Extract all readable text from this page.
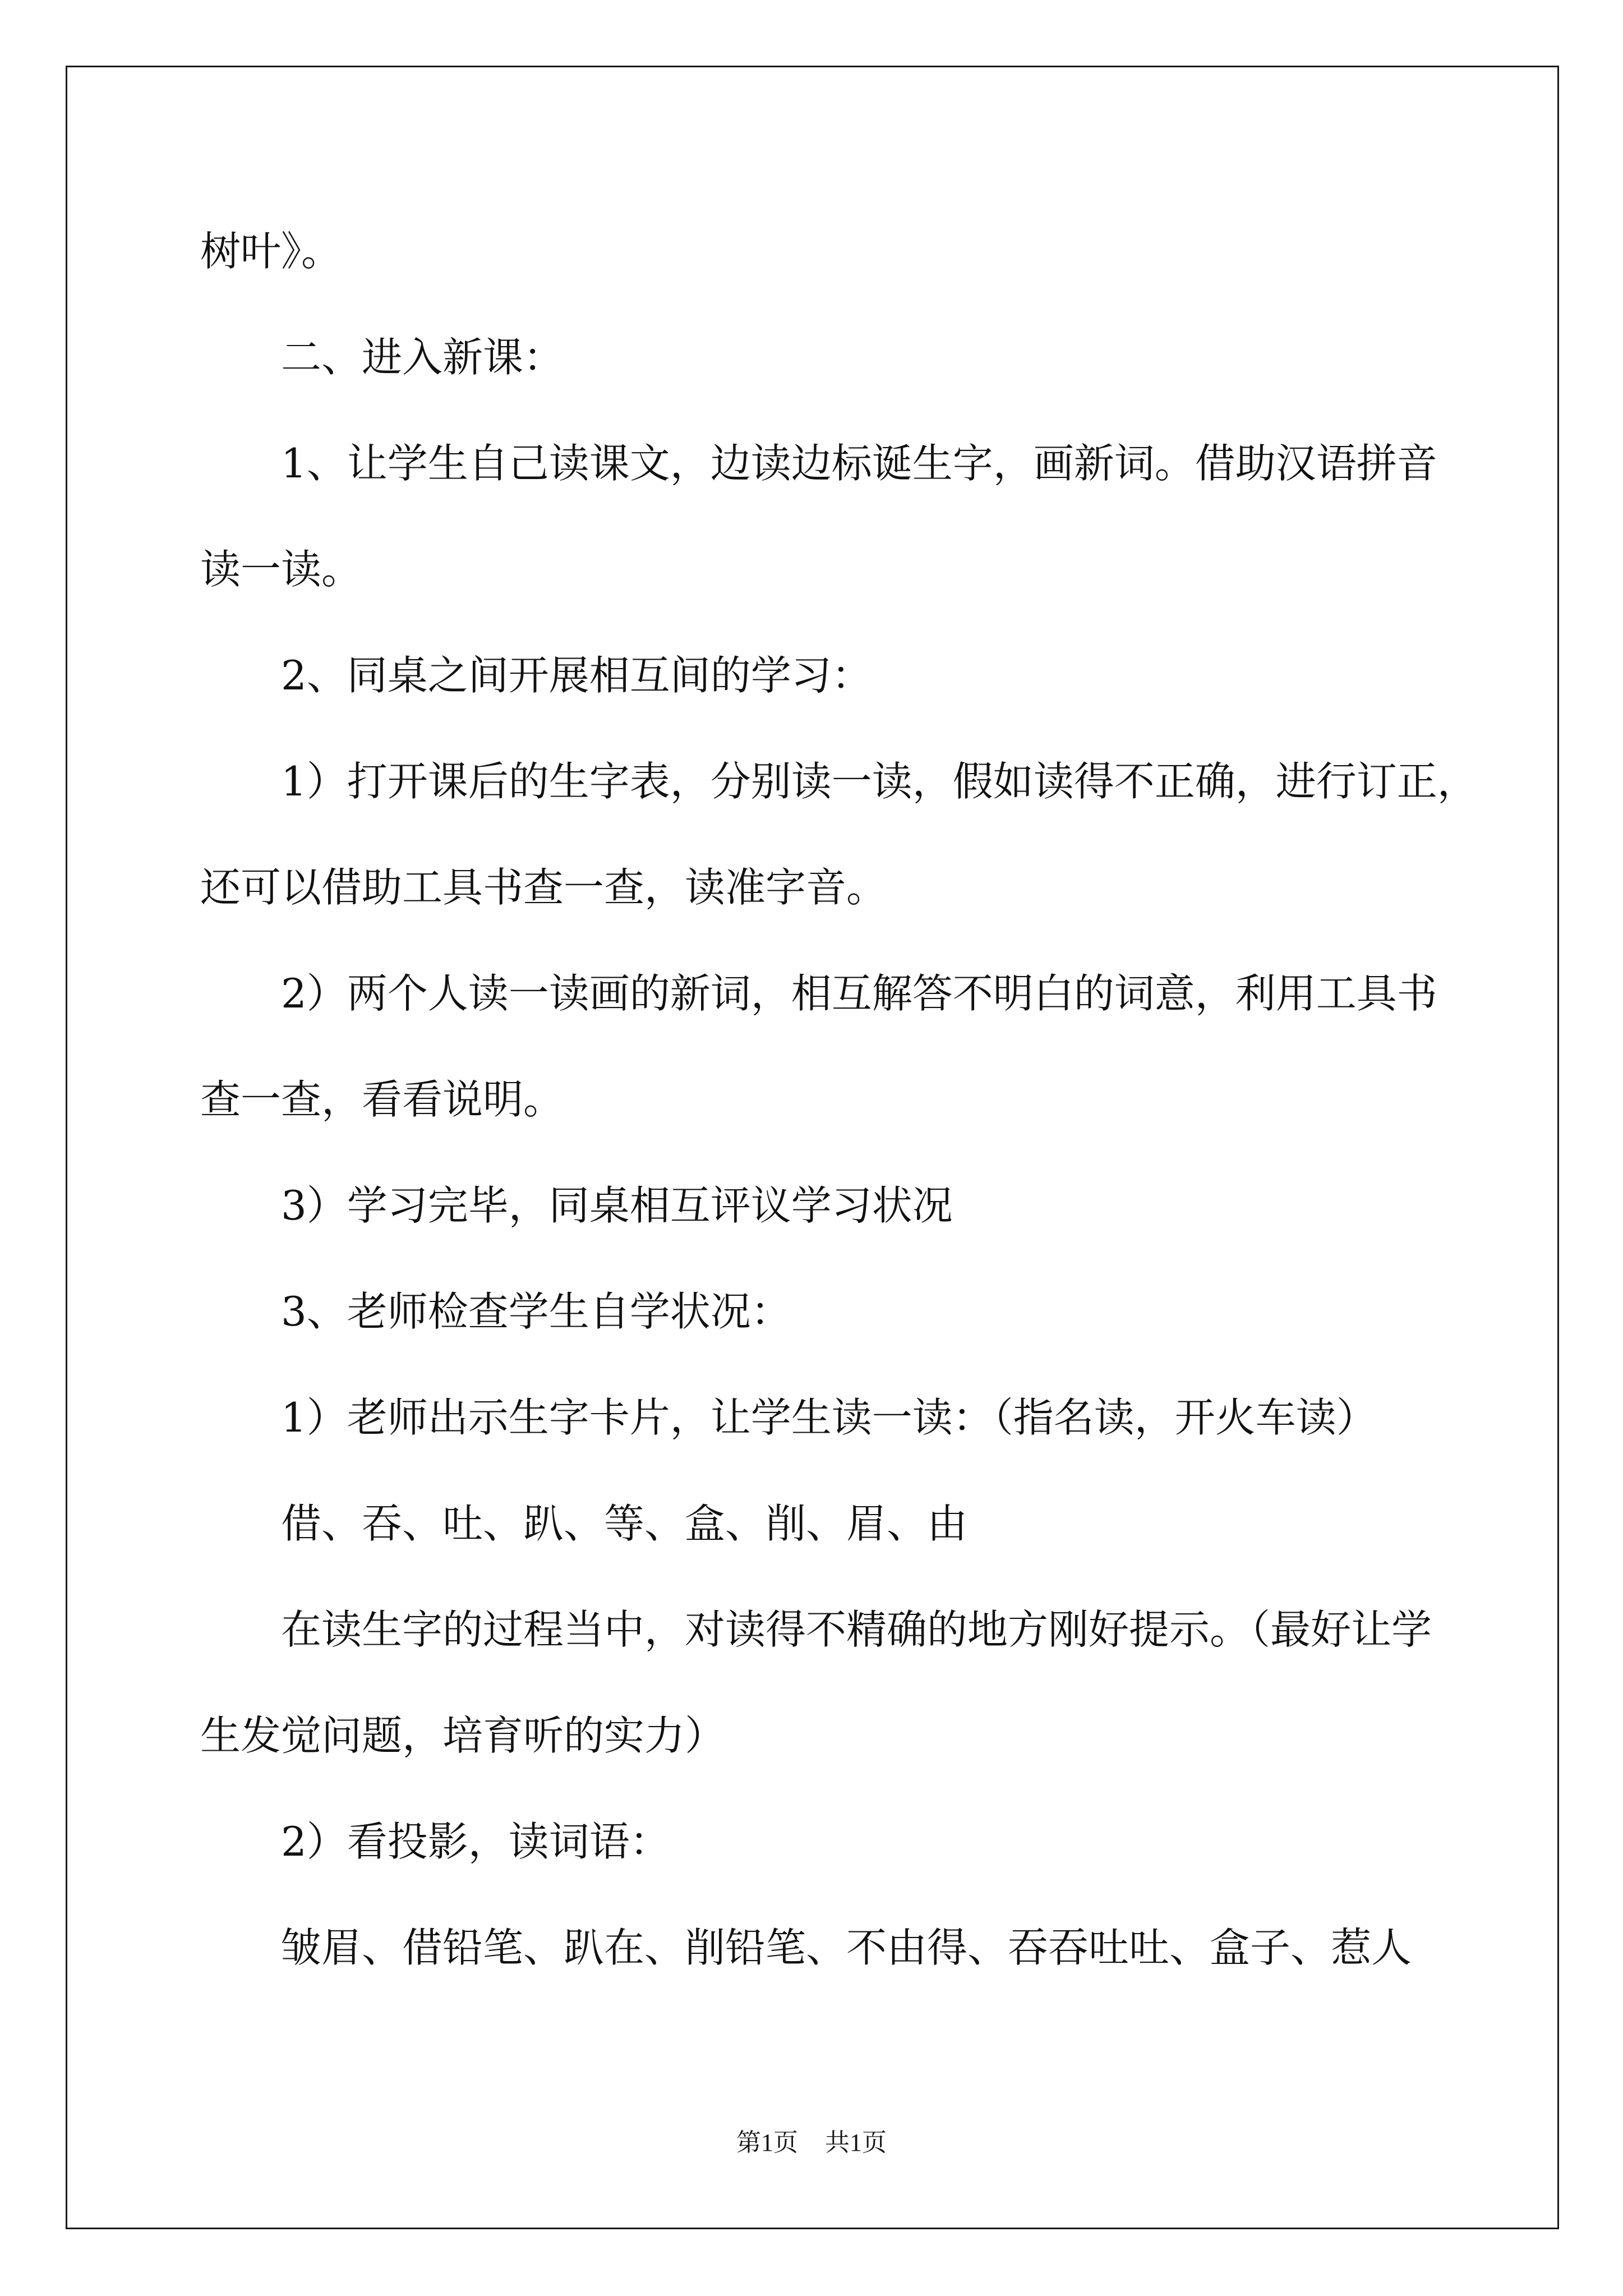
树叶》。
二、进入新课：
1、让学生自己读课文，边读边标诞生字，画新词。借助汉语拼音
读一读。
2、同桌之间开展相互间的学习：
1）打开课后的生字表，分别读一读，假如读得不正确，进行订正，
还可以借助工具书查一查，读准字音。
2）两个人读一读画的新词，相互解答不明白的词意，利用工具书
查一查，看看说明。
3）学习完毕，同桌相互评议学习状况
3、老师检查学生自学状况：
1）老师出示生字卡片，让学生读一读：（指名读，开火车读）
借、吞、吐、趴、等、盒、削、眉、由
在读生字的过程当中，对读得不精确的地方刚好提示。（最好让学
生发觉问题，培育听的实力）
2）看投影，读词语：
皱眉、借铅笔、趴在、削铅笔、不由得、吞吞吐吐、盒子、惹人
第1页 共1页
